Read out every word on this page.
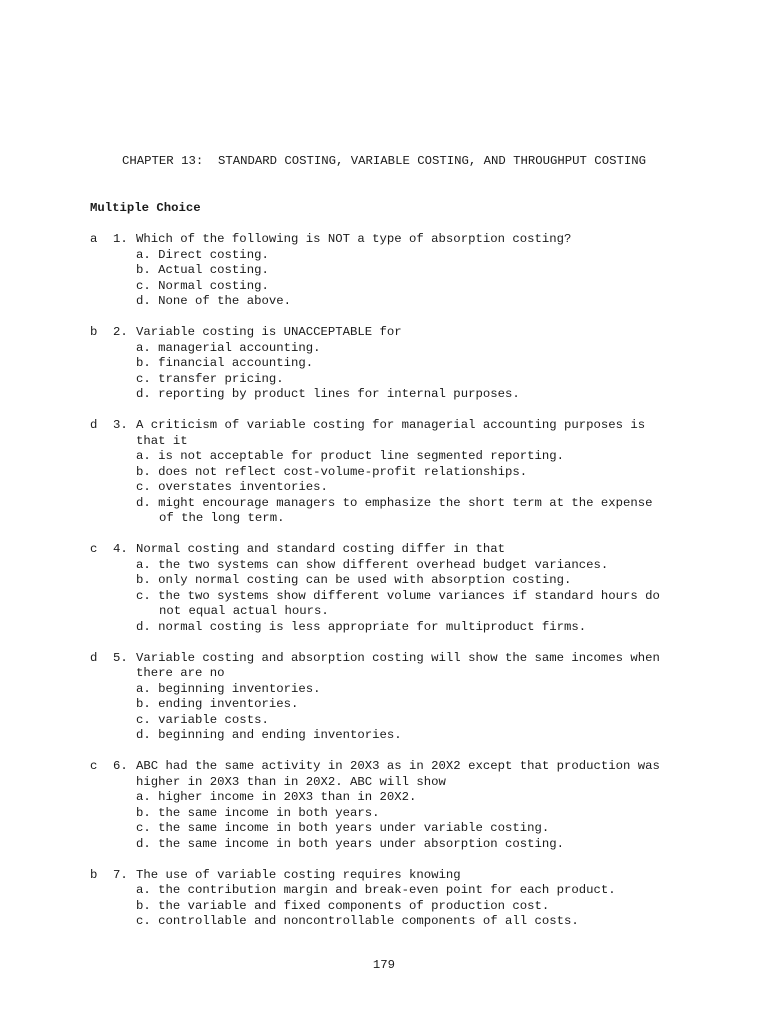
CHAPTER 13:  STANDARD COSTING, VARIABLE COSTING, AND THROUGHPUT COSTING
Multiple Choice
a	1. Which of the following is NOT a type of absorption costing?
a. Direct costing.
b. Actual costing.
c. Normal costing.
d. None of the above.
b	2. Variable costing is UNACCEPTABLE for
a. managerial accounting.
b. financial accounting.
c. transfer pricing.
d. reporting by product lines for internal purposes.
d	3. A criticism of variable costing for managerial accounting purposes is
that it
a. is not acceptable for product line segmented reporting.
b. does not reflect cost-volume-profit relationships.
c. overstates inventories.
d. might encourage managers to emphasize the short term at the expense
of the long term.
c	4. Normal costing and standard costing differ in that
a. the two systems can show different overhead budget variances.
b. only normal costing can be used with absorption costing.
c. the two systems show different volume variances if standard hours do
not equal actual hours.
d. normal costing is less appropriate for multiproduct firms.
d	5. Variable costing and absorption costing will show the same incomes when
there are no
a. beginning inventories.
b. ending inventories.
c. variable costs.
d. beginning and ending inventories.
c	6. ABC had the same activity in 20X3 as in 20X2 except that production was
higher in 20X3 than in 20X2. ABC will show
a. higher income in 20X3 than in 20X2.
b. the same income in both years.
c. the same income in both years under variable costing.
d. the same income in both years under absorption costing.
b	7. The use of variable costing requires knowing
a. the contribution margin and break-even point for each product.
b. the variable and fixed components of production cost.
c. controllable and noncontrollable components of all costs.
179
